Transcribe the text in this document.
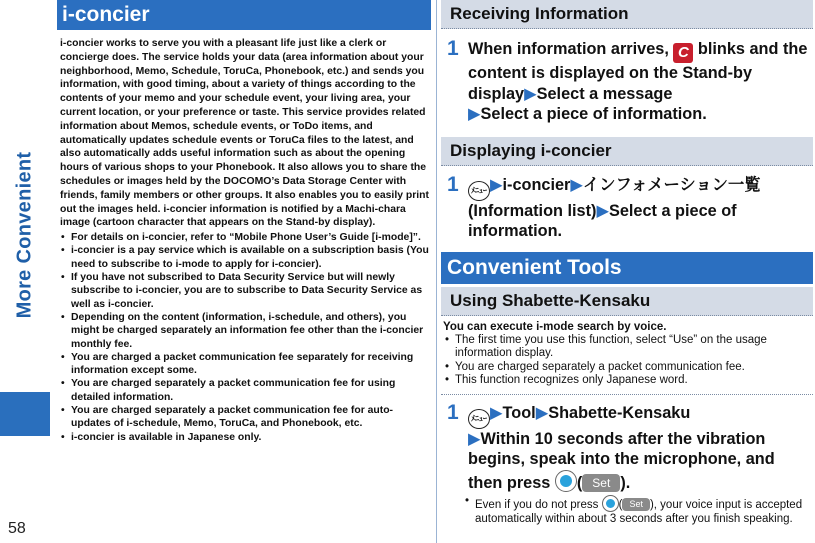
More Convenient
58
i-concier
i-concier works to serve you with a pleasant life just like a clerk or concierge does. The service holds your data (area information about your neighborhood, Memo, Schedule, ToruCa, Phonebook, etc.) and sends you information, with good timing, about a variety of things according to the contents of your memo and your schedule event, your living area, your current location, or your preference or taste. This service provides related information about Memos, schedule events, or ToDo items, and automatically updates schedule events or ToruCa files to the latest, and also automatically adds useful information such as about the opening hours of various shops to your Phonebook. It also allows you to share the schedules or images held by the DOCOMO’s Data Storage Center with friends, family members or other groups. It also enables you to easily print out the images held. i-concier information is notified by a Machi-chara image (cartoon character that appears on the Stand-by display).
• For details on i-concier, refer to “Mobile Phone User’s Guide [i-mode]”.
• i-concier is a pay service which is available on a subscription basis (You need to subscribe to i-mode to apply for i-concier).
• If you have not subscribed to Data Security Service but will newly subscribe to i-concier, you are to subscribe to Data Security Service as well as i-concier.
• Depending on the content (information, i-schedule, and others), you might be charged separately an information fee other than the i-concier monthly fee.
• You are charged a packet communication fee separately for receiving information except some.
• You are charged separately a packet communication fee for using detailed information.
• You are charged separately a packet communication fee for auto-updates of i-schedule, Memo, ToruCa, and Phonebook, etc.
• i-concier is available in Japanese only.
Receiving Information
1 When information arrives, C blinks and the content is displayed on the Stand-by display▶Select a message
▶Select a piece of information.
Displaying i-concier
1 ﾒﾆｭｰ ▶i-concier▶インフォメーション一覧 (Information list)▶Select a piece of information.
Convenient Tools
Using Shabette-Kensaku
You can execute i-mode search by voice.
• The first time you use this function, select “Use” on the usage information display.
• You are charged separately a packet communication fee.
• This function recognizes only Japanese word.
1 ﾒﾆｭｰ ▶Tool▶Shabette-Kensaku
▶Within 10 seconds after the vibration begins, speak into the microphone, and then press ( Set ).
• Even if you do not press ( Set ), your voice input is accepted automatically within about 3 seconds after you finish speaking.
